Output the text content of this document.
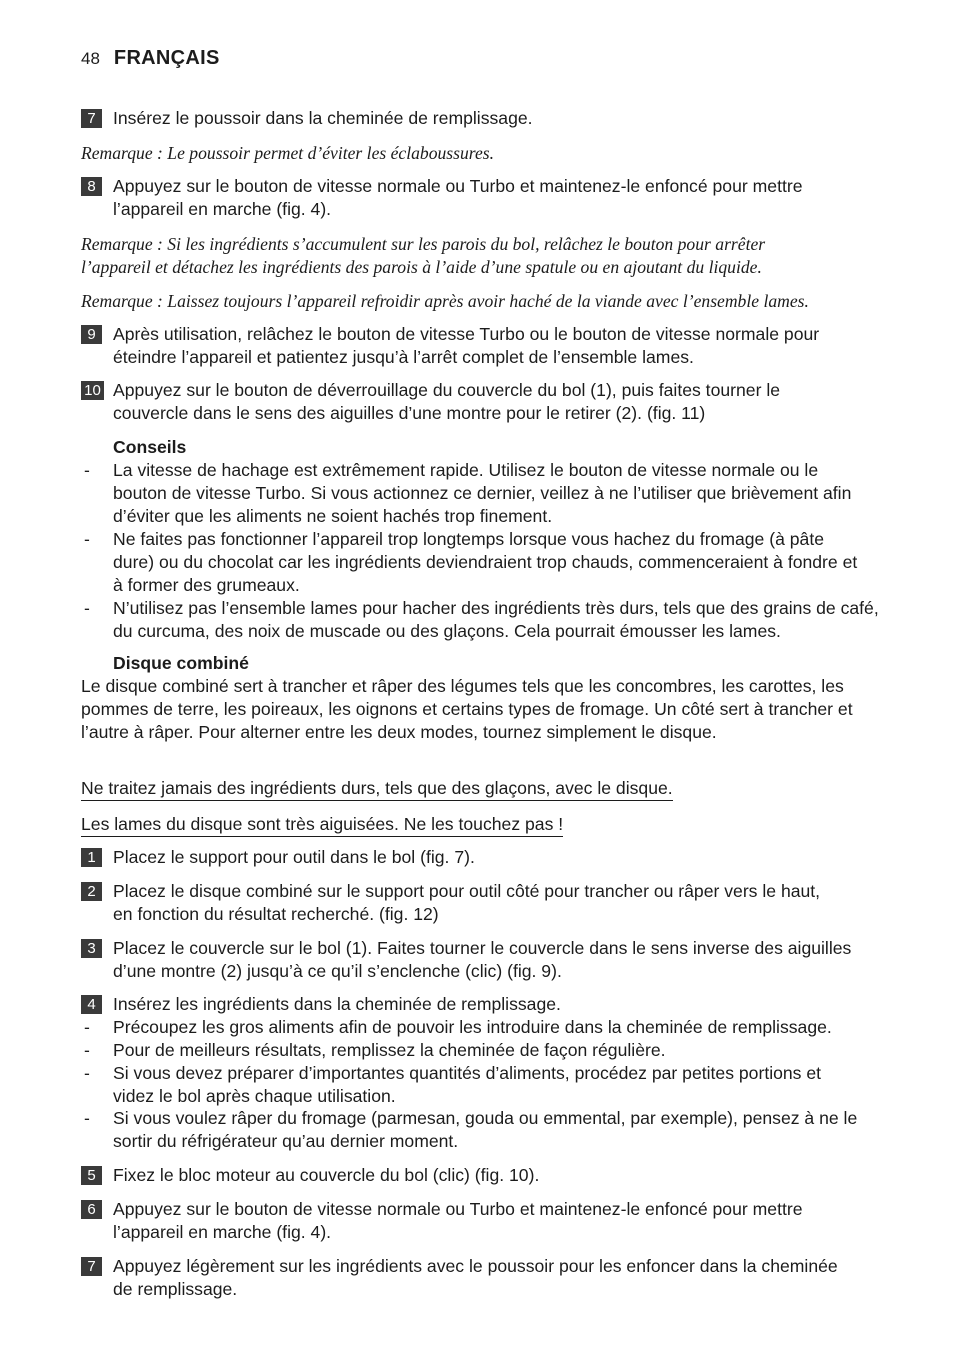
48 FRANÇAIS
7 Insérez le poussoir dans la cheminée de remplissage.
Remarque : Le poussoir permet d’éviter les éclaboussures.
8 Appuyez sur le bouton de vitesse normale ou Turbo et maintenez-le enfoncé pour mettre
l’appareil en marche (fig. 4).
Remarque : Si les ingrédients s’accumulent sur les parois du bol, relâchez le bouton pour arrêter
l’appareil et détachez les ingrédients des parois à l’aide d’une spatule ou en ajoutant du liquide.
Remarque : Laissez toujours l’appareil refroidir après avoir haché de la viande avec l’ensemble lames.
9 Après utilisation, relâchez le bouton de vitesse Turbo ou le bouton de vitesse normale pour
éteindre l’appareil et patientez jusqu’à l’arrêt complet de l’ensemble lames.
10 Appuyez sur le bouton de déverrouillage du couvercle du bol (1), puis faites tourner le
couvercle dans le sens des aiguilles d’une montre pour le retirer (2). (fig. 11)
Conseils
- La vitesse de hachage est extrêmement rapide. Utilisez le bouton de vitesse normale ou le
bouton de vitesse Turbo. Si vous actionnez ce dernier, veillez à ne l’utiliser que brièvement afin
d’éviter que les aliments ne soient hachés trop finement.
- Ne faites pas fonctionner l’appareil trop longtemps lorsque vous hachez du fromage (à pâte
dure) ou du chocolat car les ingrédients deviendraient trop chauds, commenceraient à fondre et
à former des grumeaux.
- N’utilisez pas l’ensemble lames pour hacher des ingrédients très durs, tels que des grains de café,
du curcuma, des noix de muscade ou des glaçons. Cela pourrait émousser les lames.
Disque combiné
Le disque combiné sert à trancher et râper des légumes tels que les concombres, les carottes, les
pommes de terre, les poireaux, les oignons et certains types de fromage. Un côté sert à trancher et
l’autre à râper. Pour alterner entre les deux modes, tournez simplement le disque.
Ne traitez jamais des ingrédients durs, tels que des glaçons, avec le disque.
Les lames du disque sont très aiguisées. Ne les touchez pas !
1 Placez le support pour outil dans le bol (fig. 7).
2 Placez le disque combiné sur le support pour outil côté pour trancher ou râper vers le haut,
en fonction du résultat recherché. (fig. 12)
3 Placez le couvercle sur le bol (1). Faites tourner le couvercle dans le sens inverse des aiguilles
d’une montre (2) jusqu’à ce qu’il s’enclenche (clic) (fig. 9).
4 Insérez les ingrédients dans la cheminée de remplissage.
- Précoupez les gros aliments afin de pouvoir les introduire dans la cheminée de remplissage.
- Pour de meilleurs résultats, remplissez la cheminée de façon régulière.
- Si vous devez préparer d’importantes quantités d’aliments, procédez par petites portions et
videz le bol après chaque utilisation.
- Si vous voulez râper du fromage (parmesan, gouda ou emmental, par exemple), pensez à ne le
sortir du réfrigérateur qu’au dernier moment.
5 Fixez le bloc moteur au couvercle du bol (clic) (fig. 10).
6 Appuyez sur le bouton de vitesse normale ou Turbo et maintenez-le enfoncé pour mettre
l’appareil en marche (fig. 4).
7 Appuyez légèrement sur les ingrédients avec le poussoir pour les enfoncer dans la cheminée
de remplissage.
